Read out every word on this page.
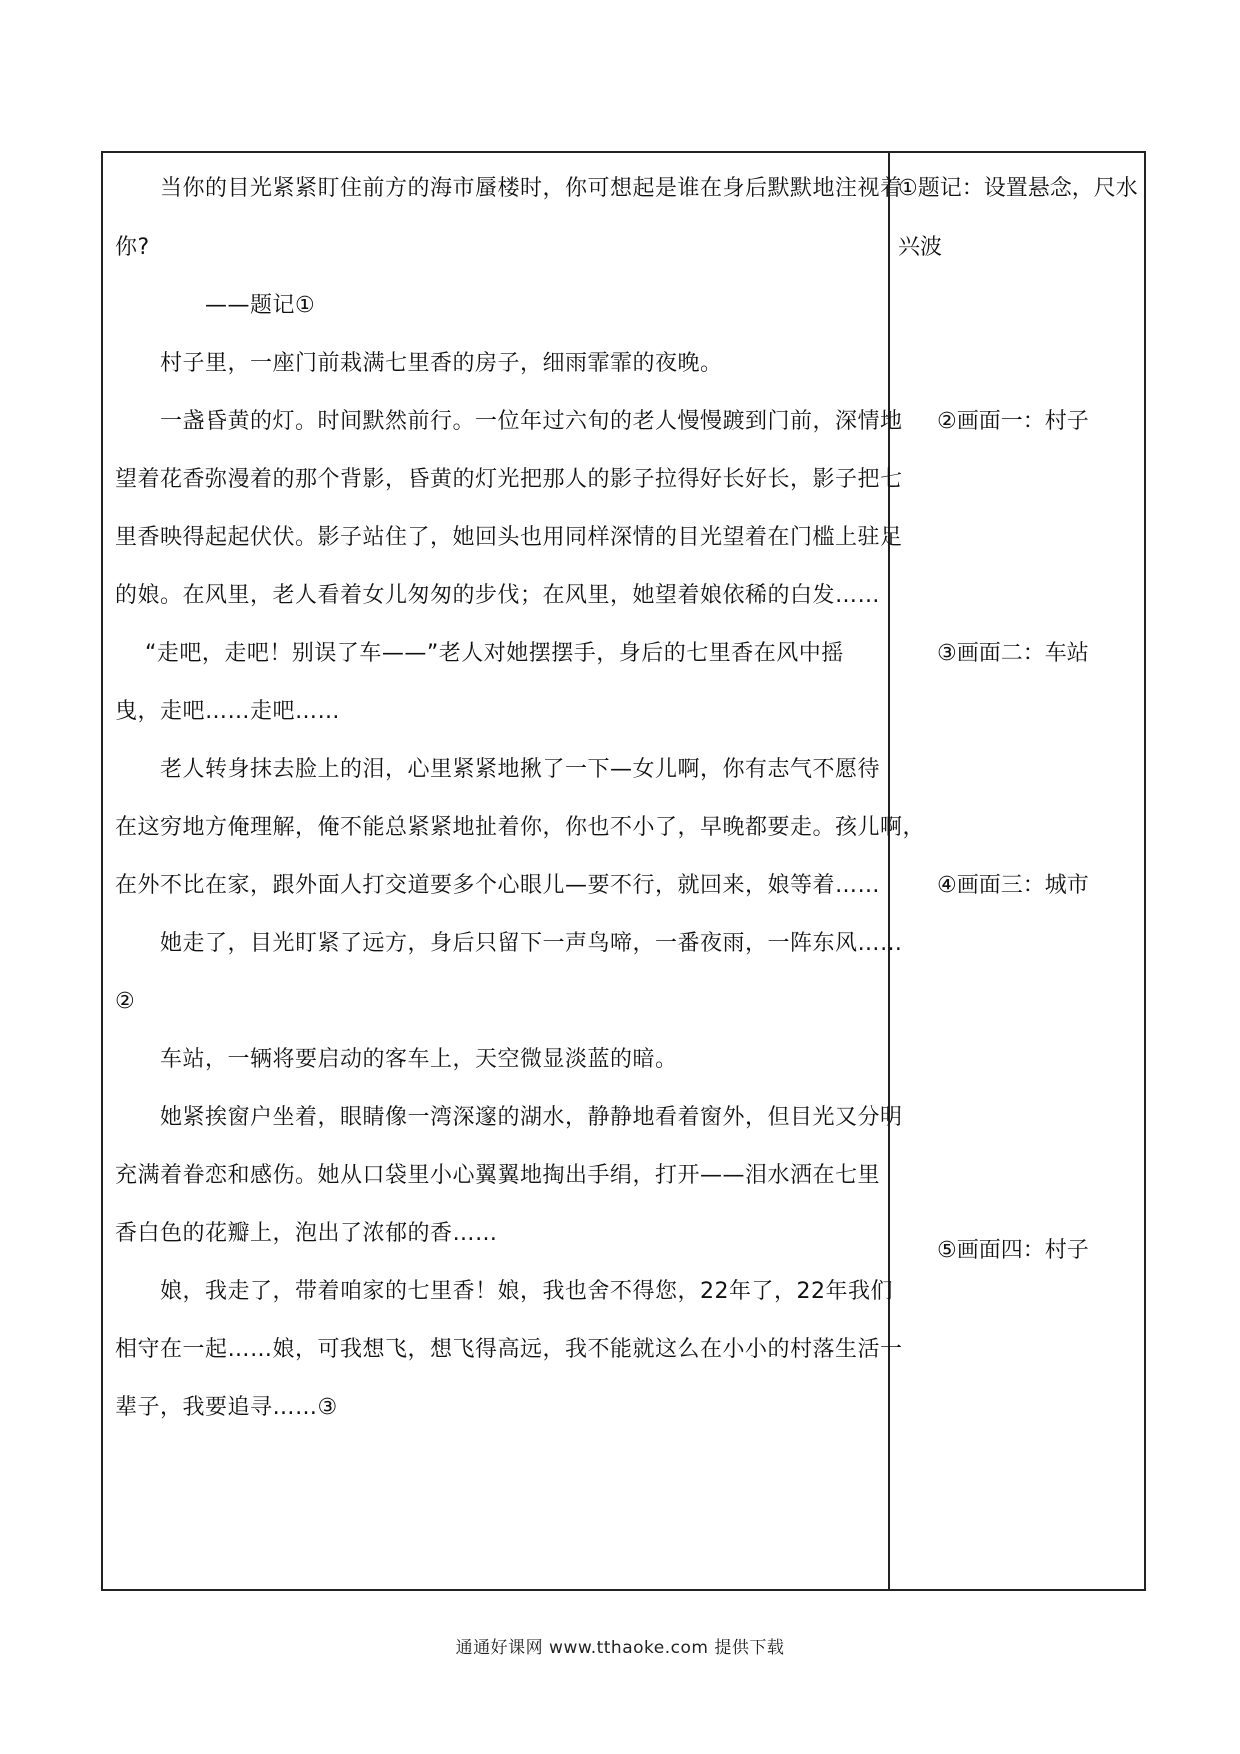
　　当你的目光紧紧盯住前方的海市蜃楼时，你可想起是谁在身后默默地注视着
你?
　　　　——题记①
　　村子里，一座门前栽满七里香的房子，细雨霏霏的夜晚。
　　一盏昏黄的灯。时间默然前行。一位年过六旬的老人慢慢踱到门前，深情地
望着花香弥漫着的那个背影，昏黄的灯光把那人的影子拉得好长好长，影子把七
里香映得起起伏伏。影子站住了，她回头也用同样深情的目光望着在门槛上驻足
的娘。在风里，老人看着女儿匆匆的步伐；在风里，她望着娘依稀的白发……
　 “走吧，走吧！别误了车——”老人对她摆摆手，身后的七里香在风中摇
曳，走吧……走吧……
　　老人转身抹去脸上的泪，心里紧紧地揪了一下—女儿啊，你有志气不愿待
在这穷地方俺理解，俺不能总紧紧地扯着你，你也不小了，早晚都要走。孩儿啊，
在外不比在家，跟外面人打交道要多个心眼儿—要不行，就回来，娘等着……
　　她走了，目光盯紧了远方，身后只留下一声鸟啼，一番夜雨，一阵东风……
②
　　车站，一辆将要启动的客车上，天空微显淡蓝的暗。
　　她紧挨窗户坐着，眼睛像一湾深邃的湖水，静静地看着窗外，但目光又分明
充满着眷恋和感伤。她从口袋里小心翼翼地掏出手绢，打开——泪水洒在七里
香白色的花瓣上，泡出了浓郁的香……
　　娘，我走了，带着咱家的七里香！娘，我也舍不得您，22年了，22年我们
相守在一起……娘，可我想飞，想飞得高远，我不能就这么在小小的村落生活一
辈子，我要追寻……③
①题记：设置悬念，尺水
兴波
②画面一：村子
③画面二：车站
④画面三：城市
⑤画面四：村子
通通好课网 www.tthaoke.com 提供下载
